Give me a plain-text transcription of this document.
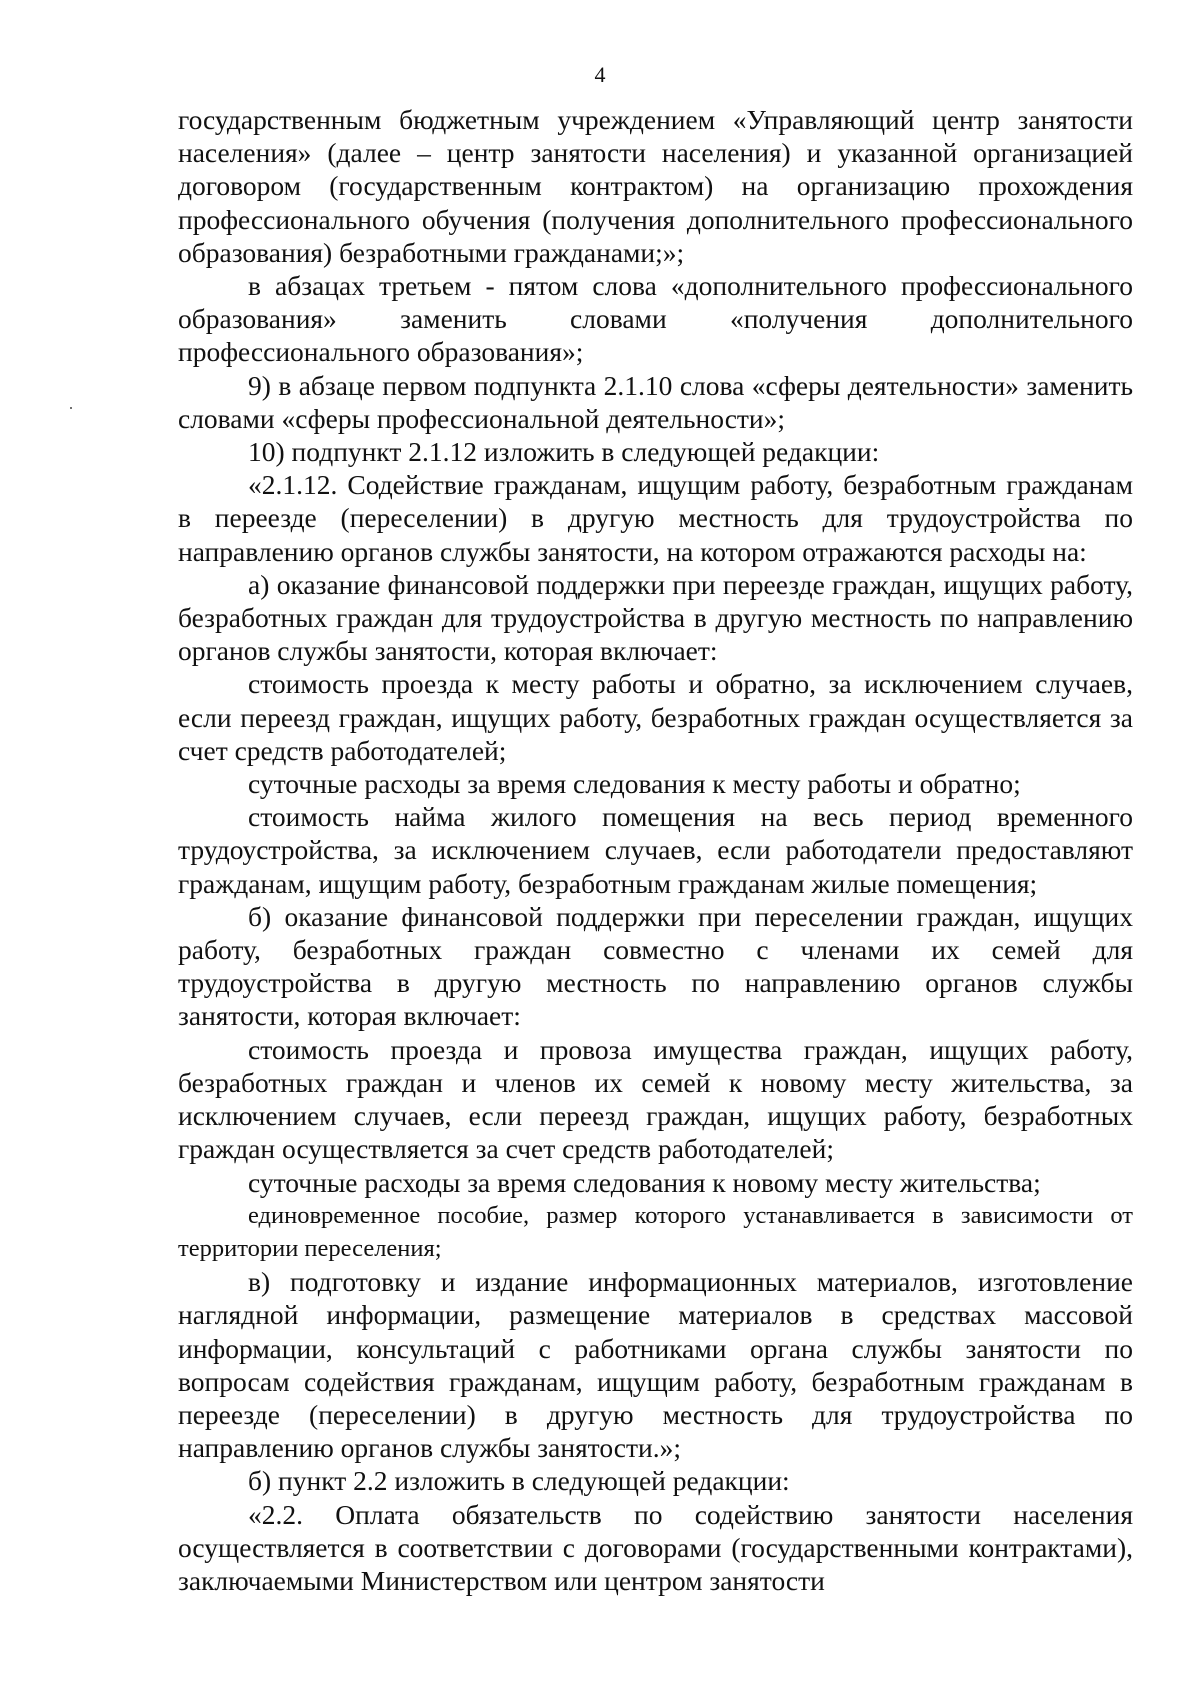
4

государственным бюджетным учреждением «Управляющий центр занятости населения» (далее – центр занятости населения) и указанной организацией договором (государственным контрактом) на организацию прохождения профессионального обучения (получения дополнительного профессионального образования) безработными гражданами;»;

в абзацах третьем - пятом слова «дополнительного профессионального образования» заменить словами «получения дополнительного профессионального образования»;

9) в абзаце первом подпункта 2.1.10 слова «сферы деятельности» заменить словами «сферы профессиональной деятельности»;

10) подпункт 2.1.12 изложить в следующей редакции:

«2.1.12. Содействие гражданам, ищущим работу, безработным гражданам в переезде (переселении) в другую местность для трудоустройства по направлению органов службы занятости, на котором отражаются расходы на:

а) оказание финансовой поддержки при переезде граждан, ищущих работу, безработных граждан для трудоустройства в другую местность по направлению органов службы занятости, которая включает:

стоимость проезда к месту работы и обратно, за исключением случаев, если переезд граждан, ищущих работу, безработных граждан осуществляется за счет средств работодателей;

суточные расходы за время следования к месту работы и обратно;

стоимость найма жилого помещения на весь период временного трудоустройства, за исключением случаев, если работодатели предоставляют гражданам, ищущим работу, безработным гражданам жилые помещения;

б) оказание финансовой поддержки при переселении граждан, ищущих работу, безработных граждан совместно с членами их семей для трудоустройства в другую местность по направлению органов службы занятости, которая включает:

стоимость проезда и провоза имущества граждан, ищущих работу, безработных граждан и членов их семей к новому месту жительства, за исключением случаев, если переезд граждан, ищущих работу, безработных граждан осуществляется за счет средств работодателей;

суточные расходы за время следования к новому месту жительства;

единовременное пособие, размер которого устанавливается в зависимости от территории переселения;

в) подготовку и издание информационных материалов, изготовление наглядной информации, размещение материалов в средствах массовой информации, консультаций с работниками органа службы занятости по вопросам содействия гражданам, ищущим работу, безработным гражданам в переезде (переселении) в другую местность для трудоустройства по направлению органов службы занятости.»;

б) пункт 2.2 изложить в следующей редакции:

«2.2. Оплата обязательств по содействию занятости населения осуществляется в соответствии с договорами (государственными контрактами), заключаемыми Министерством или центром занятости
